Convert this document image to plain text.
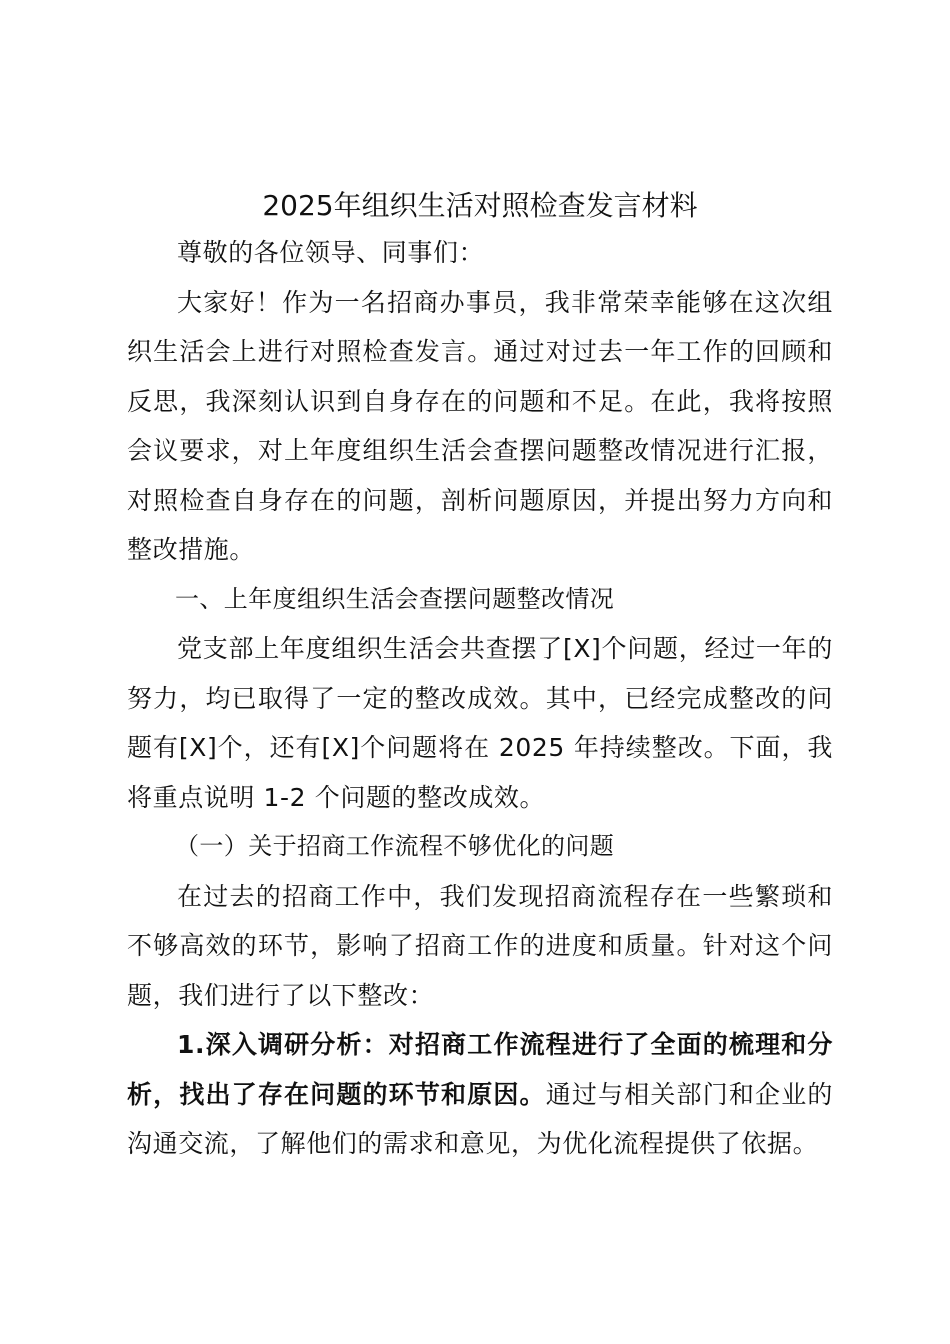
2025年组织生活对照检查发言材料

尊敬的各位领导、同事们：

大家好！作为一名招商办事员，我非常荣幸能够在这次组织生活会上进行对照检查发言。通过对过去一年工作的回顾和反思，我深刻认识到自身存在的问题和不足。在此，我将按照会议要求，对上年度组织生活会查摆问题整改情况进行汇报，对照检查自身存在的问题，剖析问题原因，并提出努力方向和整改措施。

一、上年度组织生活会查摆问题整改情况

党支部上年度组织生活会共查摆了[X]个问题，经过一年的努力，均已取得了一定的整改成效。其中，已经完成整改的问题有[X]个，还有[X]个问题将在 2025 年持续整改。下面，我将重点说明 1-2 个问题的整改成效。

（一）关于招商工作流程不够优化的问题

在过去的招商工作中，我们发现招商流程存在一些繁琐和不够高效的环节，影响了招商工作的进度和质量。针对这个问题，我们进行了以下整改：

1.深入调研分析：对招商工作流程进行了全面的梳理和分析，找出了存在问题的环节和原因。通过与相关部门和企业的沟通交流，了解他们的需求和意见，为优化流程提供了依据。
